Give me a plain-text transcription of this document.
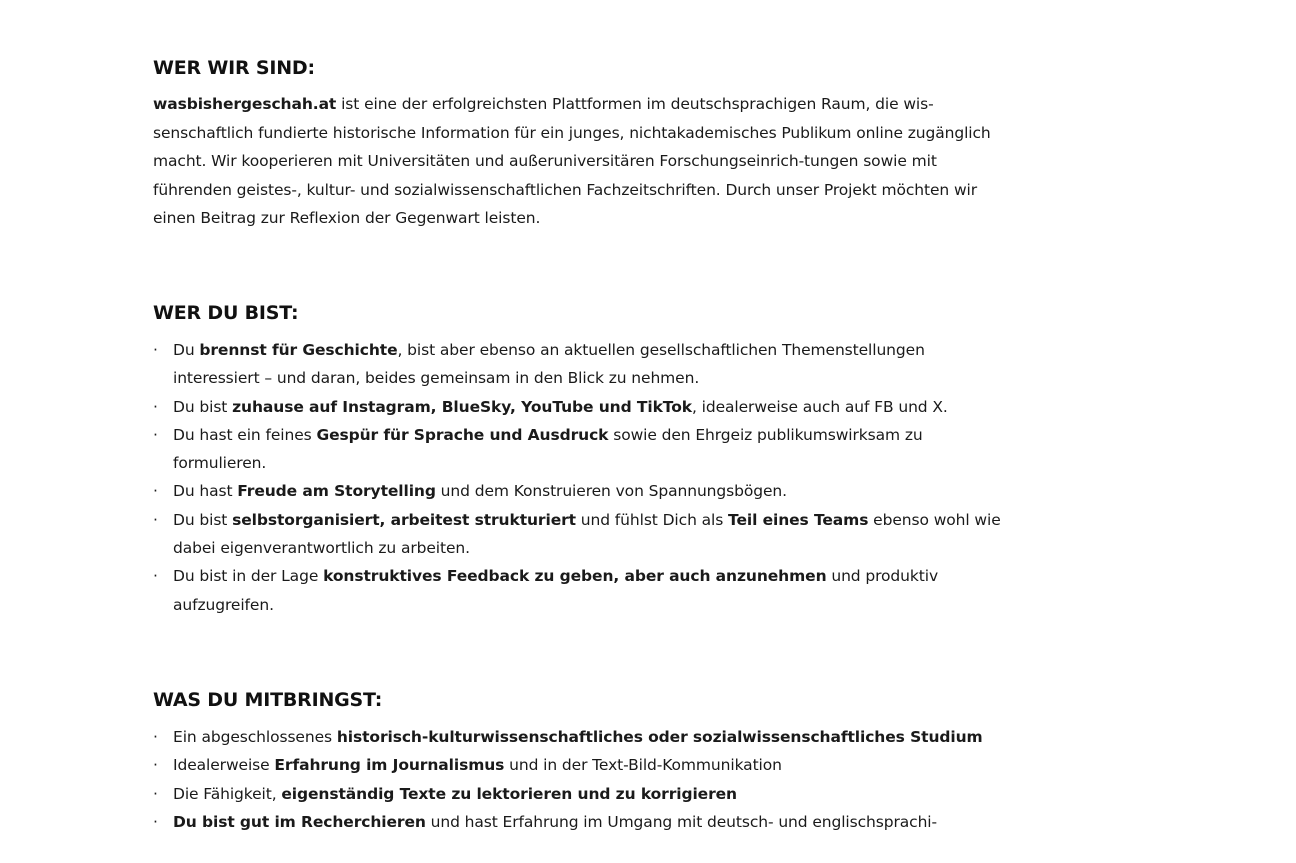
WER WIR SIND:

wasbishergeschah.at ist eine der erfolgreichsten Plattformen im deutschsprachigen Raum, die wis-senschaftlich fundierte historische Information für ein junges, nichtakademisches Publikum online zugänglich macht. Wir kooperieren mit Universitäten und außeruniversitären Forschungseinrich-tungen sowie mit führenden geistes-, kultur- und sozialwissenschaftlichen Fachzeitschriften. Durch unser Projekt möchten wir einen Beitrag zur Reflexion der Gegenwart leisten.

WER DU BIST:
· Du brennst für Geschichte, bist aber ebenso an aktuellen gesellschaftlichen Themenstellungen interessiert – und daran, beides gemeinsam in den Blick zu nehmen.
· Du bist zuhause auf Instagram, BlueSky, YouTube und TikTok, idealerweise auch auf FB und X.
· Du hast ein feines Gespür für Sprache und Ausdruck sowie den Ehrgeiz publikumswirksam zu formulieren.
· Du hast Freude am Storytelling und dem Konstruieren von Spannungsbögen.
· Du bist selbstorganisiert, arbeitest strukturiert und fühlst Dich als Teil eines Teams ebenso wohl wie dabei eigenverantwortlich zu arbeiten.
· Du bist in der Lage konstruktives Feedback zu geben, aber auch anzunehmen und produktiv aufzugreifen.
WAS DU MITBRINGST:
· Ein abgeschlossenes historisch-kulturwissenschaftliches oder sozialwissenschaftliches Studium
· Idealerweise Erfahrung im Journalismus und in der Text-Bild-Kommunikation
· Die Fähigkeit, eigenständig Texte zu lektorieren und zu korrigieren
· Du bist gut im Recherchieren und hast Erfahrung im Umgang mit deutsch- und englischsprachi-
